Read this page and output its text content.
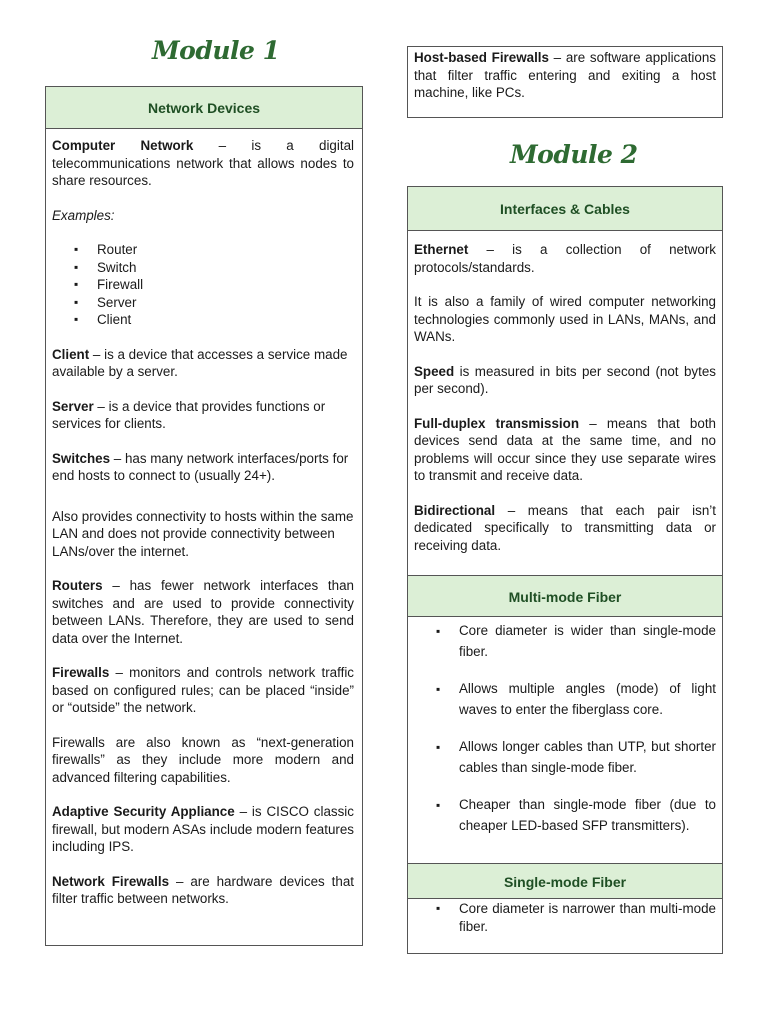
Module 1
Network Devices

Computer Network – is a digital telecommunications network that allows nodes to share resources.

Examples:

▪ Router
▪ Switch
▪ Firewall
▪ Server
▪ Client

Client – is a device that accesses a service made available by a server.

Server – is a device that provides functions or services for clients.

Switches – has many network interfaces/ports for end hosts to connect to (usually 24+).

Also provides connectivity to hosts within the same LAN and does not provide connectivity between LANs/over the internet.

Routers – has fewer network interfaces than switches and are used to provide connectivity between LANs. Therefore, they are used to send data over the Internet.

Firewalls – monitors and controls network traffic based on configured rules; can be placed “inside” or “outside” the network.

Firewalls are also known as “next-generation firewalls” as they include more modern and advanced filtering capabilities.

Adaptive Security Appliance – is CISCO classic firewall, but modern ASAs include modern features including IPS.

Network Firewalls – are hardware devices that filter traffic between networks.

Host-based Firewalls – are software applications that filter traffic entering and exiting a host machine, like PCs.

Module 2
Interfaces & Cables

Ethernet – is a collection of network protocols/standards.

It is also a family of wired computer networking technologies commonly used in LANs, MANs, and WANs.

Speed is measured in bits per second (not bytes per second).

Full-duplex transmission – means that both devices send data at the same time, and no problems will occur since they use separate wires to transmit and receive data.

Bidirectional – means that each pair isn’t dedicated specifically to transmitting data or receiving data.

Multi-mode Fiber
▪ Core diameter is wider than single-mode fiber.
▪ Allows multiple angles (mode) of light waves to enter the fiberglass core.
▪ Allows longer cables than UTP, but shorter cables than single-mode fiber.
▪ Cheaper than single-mode fiber (due to cheaper LED-based SFP transmitters).
Single-mode Fiber
▪ Core diameter is narrower than multi-mode fiber.
